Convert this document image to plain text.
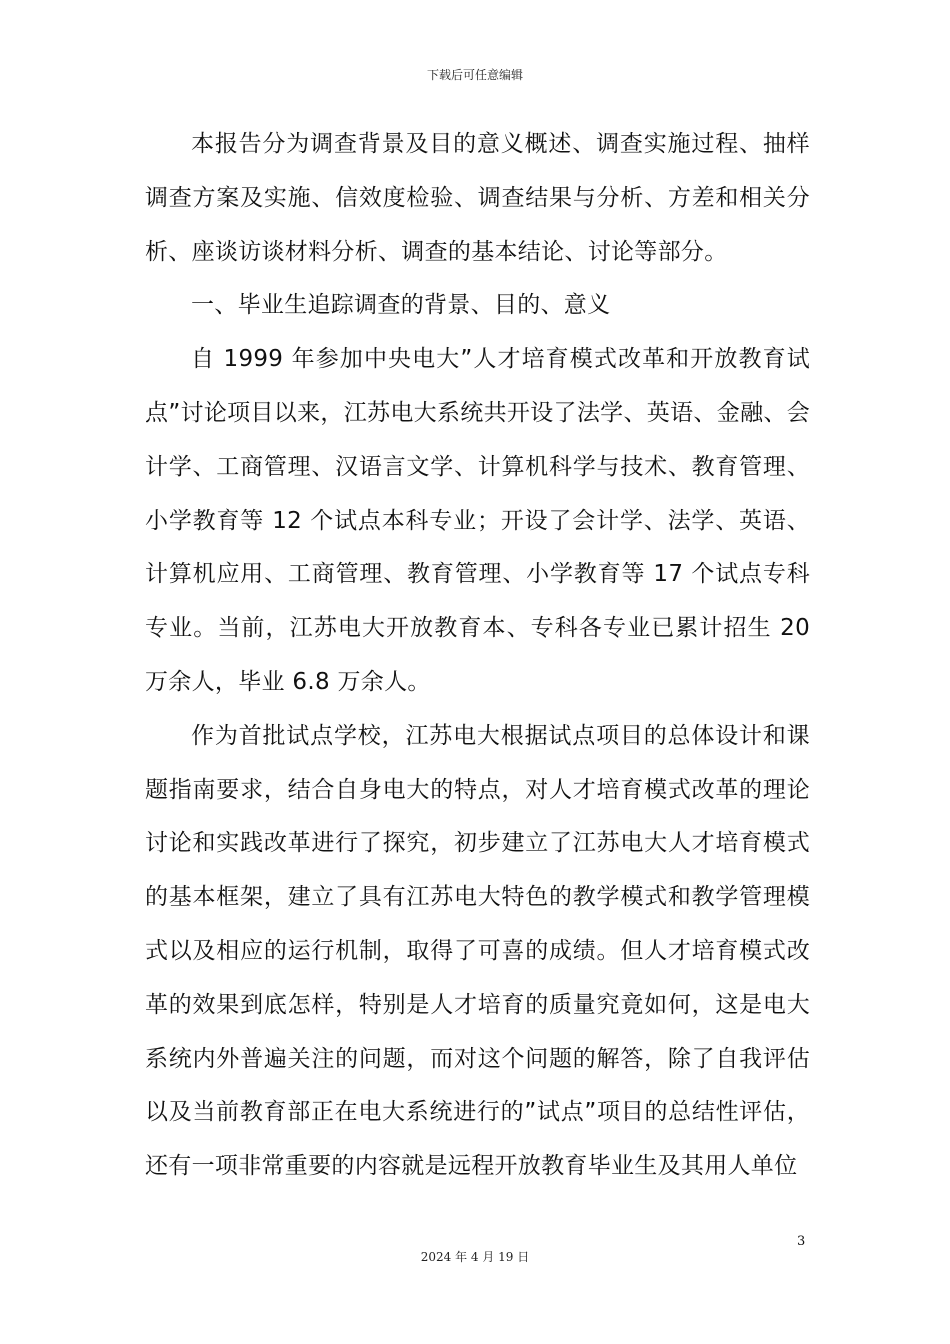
下载后可任意编辑

本报告分为调查背景及目的意义概述、调查实施过程、抽样调查方案及实施、信效度检验、调查结果与分析、方差和相关分析、座谈访谈材料分析、调查的基本结论、讨论等部分。

一、毕业生追踪调查的背景、目的、意义

自 1999 年参加中央电大”人才培育模式改革和开放教育试点”讨论项目以来，江苏电大系统共开设了法学、英语、金融、会计学、工商管理、汉语言文学、计算机科学与技术、教育管理、小学教育等 12 个试点本科专业；开设了会计学、法学、英语、计算机应用、工商管理、教育管理、小学教育等 17 个试点专科专业。当前，江苏电大开放教育本、专科各专业已累计招生 20 万余人，毕业 6.8 万余人。

作为首批试点学校，江苏电大根据试点项目的总体设计和课题指南要求，结合自身电大的特点，对人才培育模式改革的理论讨论和实践改革进行了探究，初步建立了江苏电大人才培育模式的基本框架，建立了具有江苏电大特色的教学模式和教学管理模式以及相应的运行机制，取得了可喜的成绩。但人才培育模式改革的效果到底怎样，特别是人才培育的质量究竟如何，这是电大系统内外普遍关注的问题，而对这个问题的解答，除了自我评估以及当前教育部正在电大系统进行的”试点”项目的总结性评估，还有一项非常重要的内容就是远程开放教育毕业生及其用人单位

3
2024 年 4 月 19 日
